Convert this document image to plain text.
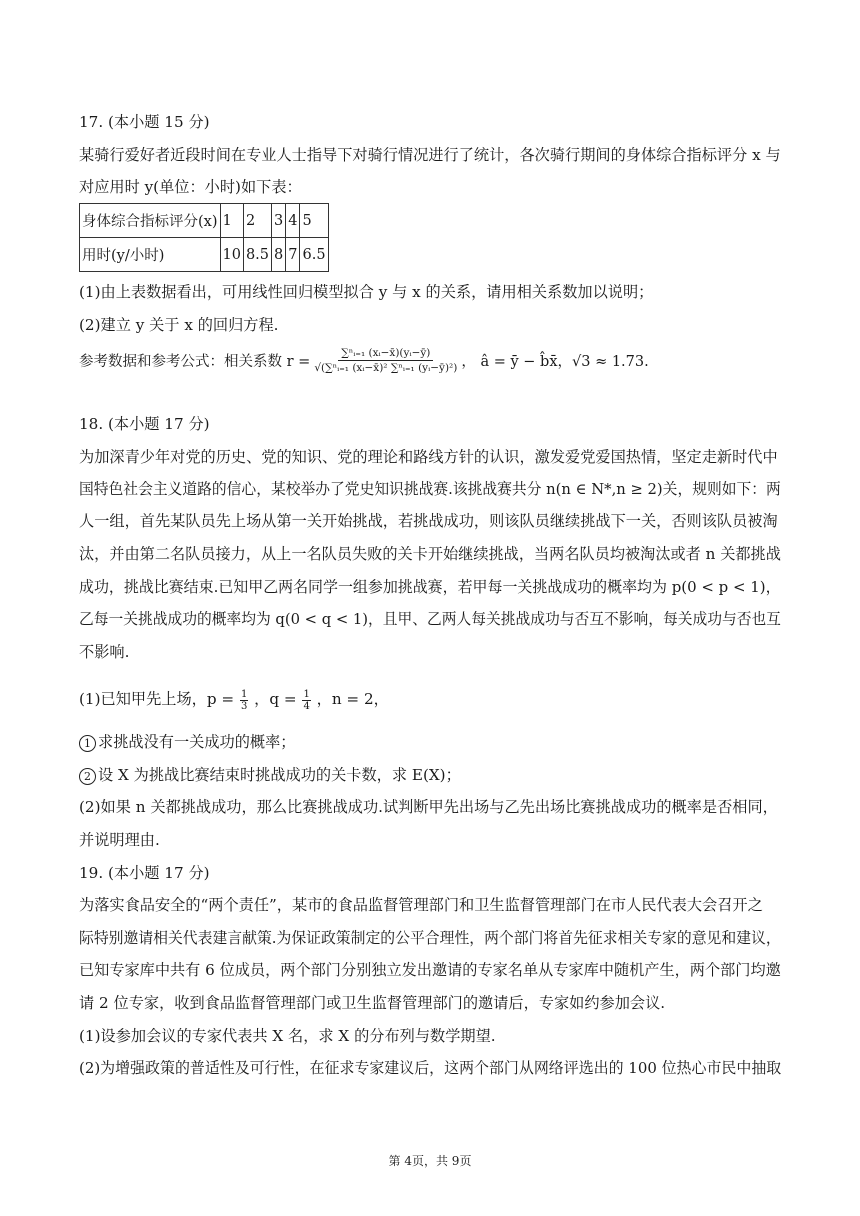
17. (本小题 15 分)
某骑行爱好者近段时间在专业人士指导下对骑行情况进行了统计，各次骑行期间的身体综合指标评分 x 与
对应用时 y(单位：小时)如下表：
身体综合指标评分(x)	1	2	3	4	5
用时(y/小时)	10	8.5	8	7	6.5
(1)由上表数据看出，可用线性回归模型拟合 y 与 x 的关系，请用相关系数加以说明；
(2)建立 y 关于 x 的回归方程.
参考数据和参考公式：相关系数 $r = \frac{\text{∑ⁿᵢ₌₁ (xᵢ−x̄)(yᵢ−ȳ)}}{\text{√(∑ⁿᵢ₌₁ (xᵢ−x̄)² ∑ⁿᵢ₌₁ (yᵢ−ȳ)²)}}$ ， â = ȳ − b̂x̄，√3 ≈ 1.73.
18. (本小题 17 分)
为加深青少年对党的历史、党的知识、党的理论和路线方针的认识，激发爱党爱国热情，坚定走新时代中
国特色社会主义道路的信心，某校举办了党史知识挑战赛.该挑战赛共分 n(n ∈ N*,n ≥ 2)关，规则如下：两
人一组，首先某队员先上场从第一关开始挑战，若挑战成功，则该队员继续挑战下一关，否则该队员被淘
汰，并由第二名队员接力，从上一名队员失败的关卡开始继续挑战，当两名队员均被淘汰或者 n 关都挑战
成功，挑战比赛结束.已知甲乙两名同学一组参加挑战赛，若甲每一关挑战成功的概率均为 p(0 < p < 1)，
乙每一关挑战成功的概率均为 q(0 < q < 1)，且甲、乙两人每关挑战成功与否互不影响，每关成功与否也互
不影响.
(1)已知甲先上场，$p = \frac{1}{3}$ ，$q = \frac{1}{4}$ ，n = 2，
1 求挑战没有一关成功的概率；
2 设 X 为挑战比赛结束时挑战成功的关卡数，求 E(X)；
(2)如果 n 关都挑战成功，那么比赛挑战成功.试判断甲先出场与乙先出场比赛挑战成功的概率是否相同，
并说明理由.
19. (本小题 17 分)
为落实食品安全的“两个责任”，某市的食品监督管理部门和卫生监督管理部门在市人民代表大会召开之
际特别邀请相关代表建言献策.为保证政策制定的公平合理性，两个部门将首先征求相关专家的意见和建议，
已知专家库中共有 6 位成员，两个部门分别独立发出邀请的专家名单从专家库中随机产生，两个部门均邀
请 2 位专家，收到食品监督管理部门或卫生监督管理部门的邀请后，专家如约参加会议.
(1)设参加会议的专家代表共 X 名，求 X 的分布列与数学期望.
(2)为增强政策的普适性及可行性，在征求专家建议后，这两个部门从网络评选出的 100 位热心市民中抽取
第 4页，共 9页
